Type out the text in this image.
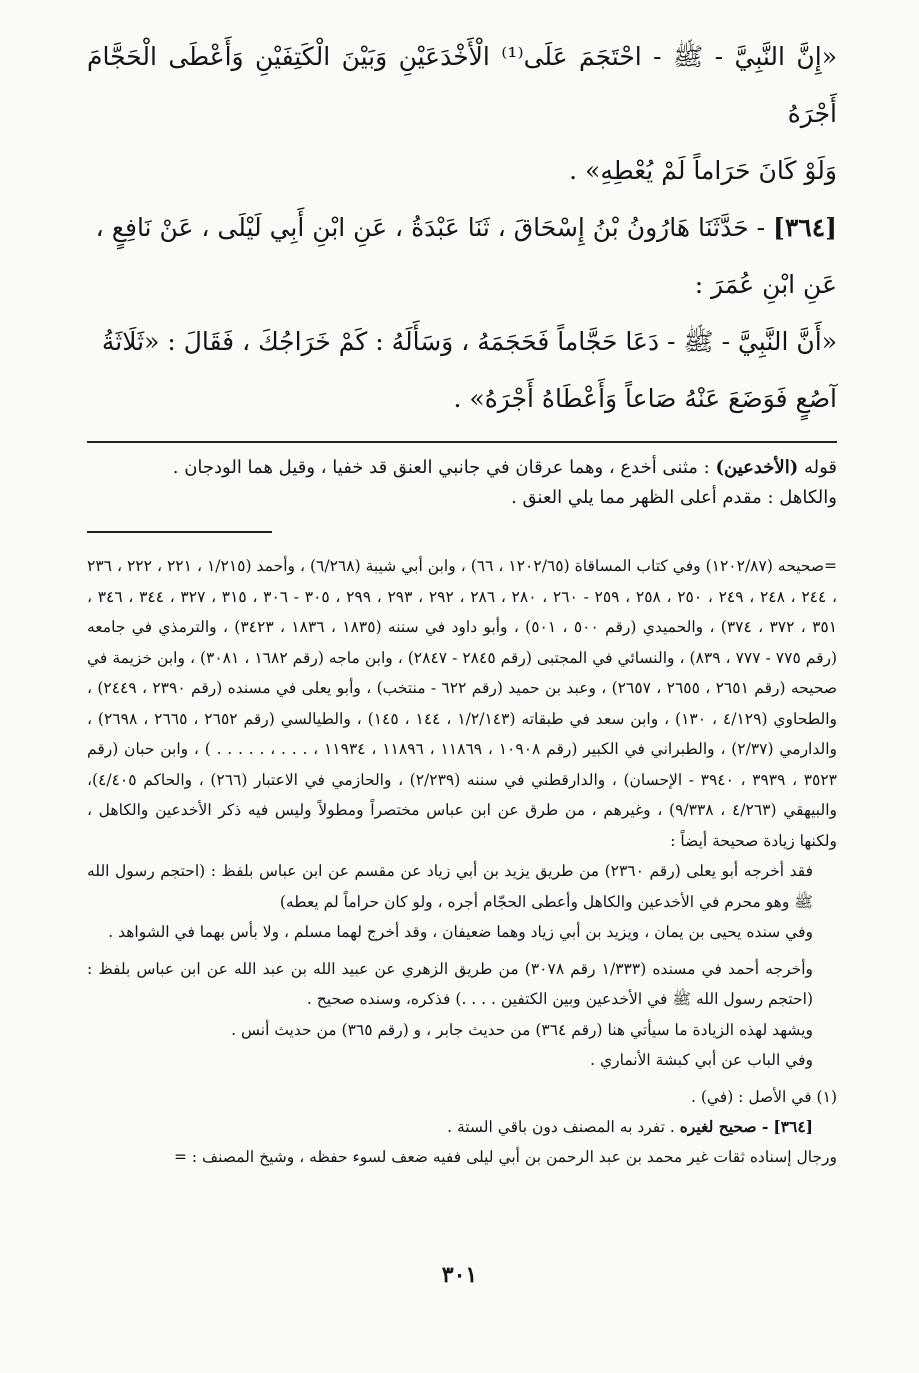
«إِنَّ النَّبِيَّ - ﷺ - احْتَجَمَ عَلَى⁽¹⁾ الْأَخْدَعَيْنِ وَبَيْنَ الْكَتِفَيْنِ وَأَعْطَى الْحَجَّامَ أَجْرَهُ

وَلَوْ كَانَ حَرَاماً لَمْ يُعْطِهِ» .

[٣٦٤] - حَدَّثَنَا هَارُونُ بْنُ إِسْحَاقَ ، ثَنَا عَبْدَةُ ، عَنِ ابْنِ أَبِي لَيْلَى ، عَنْ نَافِعٍ ،

عَنِ ابْنِ عُمَرَ :

«أَنَّ النَّبِيَّ - ﷺ - دَعَا حَجَّاماً فَحَجَمَهُ ، وَسَأَلَهُ : كَمْ خَرَاجُكَ ، فَقَالَ : «ثَلَاثَةُ

آصُعٍ فَوَضَعَ عَنْهُ صَاعاً وَأَعْطَاهُ أَجْرَهُ» .

قوله (الأخدعين) : مثنى أخدع ، وهما عرقان في جانبي العنق قد خفيا ، وقيل هما الودجان .

والكاهل : مقدم أعلى الظهر مما يلي العنق .

=صحيحه (١٢٠٢/٨٧) وفي كتاب المساقاة (١٢٠٢/٦٥ ، ٦٦) ، وابن أبي شيبة (٦/٢٦٨) ، وأحمد (١/٢١٥ ، ٢٢١ ، ٢٢٢ ، ٢٣٦ ، ٢٤٤ ، ٢٤٨ ، ٢٤٩ ، ٢٥٠ ، ٢٥٨ ، ٢٥٩ - ٢٦٠ ، ٢٨٠ ، ٢٨٦ ، ٢٩٢ ، ٢٩٣ ، ٢٩٩ ، ٣٠٥ - ٣٠٦ ، ٣١٥ ، ٣٢٧ ، ٣٤٤ ، ٣٤٦ ، ٣٥١ ، ٣٧٢ ، ٣٧٤) ، والحميدي (رقم ٥٠٠ ، ٥٠١) ، وأبو داود في سننه (١٨٣٥ ، ١٨٣٦ ، ٣٤٢٣) ، والترمذي في جامعه (رقم ٧٧٥ - ٧٧٧ ، ٨٣٩) ، والنسائي في المجتبى (رقم ٢٨٤٥ - ٢٨٤٧) ، وابن ماجه (رقم ١٦٨٢ ، ٣٠٨١) ، وابن خزيمة في صحيحه (رقم ٢٦٥١ ، ٢٦٥٥ ، ٢٦٥٧) ، وعبد بن حميد (رقم ٦٢٢ - منتخب) ، وأبو يعلى في مسنده (رقم ٢٣٩٠ ، ٢٤٤٩) ، والطحاوي (٤/١٢٩ ، ١٣٠) ، وابن سعد في طبقاته (١/٢/١٤٣ ، ١٤٤ ، ١٤٥) ، والطيالسي (رقم ٢٦٥٢ ، ٢٦٦٥ ، ٢٦٩٨) ، والدارمي (٢/٣٧) ، والطبراني في الكبير (رقم ١٠٩٠٨ ، ١١٨٦٩ ، ١١٨٩٦ ، ١١٩٣٤ ، . . . ، . . . . . ) ، وابن حبان (رقم ٣٥٢٣ ، ٣٩٣٩ ، ٣٩٤٠ - الإحسان) ، والدارقطني في سننه (٢/٢٣٩) ، والحازمي في الاعتبار (٢٦٦) ، والحاكم ٤/٤٠٥)، والبيهقي (٤/٢٦٣ ، ٩/٣٣٨) ، وغيرهم ، من طرق عن ابن عباس مختصراً ومطولاً وليس فيه ذكر الأخدعين والكاهل ، ولكنها زيادة صحيحة أيضاً :

فقد أخرجه أبو يعلى (رقم ٢٣٦٠) من طريق يزيد بن أبي زياد عن مقسم عن ابن عباس بلفظ : (احتجم رسول الله ﷺ وهو محرم في الأخدعين والكاهل وأعطى الحجّام أجره ، ولو كان حراماً لم يعطه)

وفي سنده يحيى بن يمان ، ويزيد بن أبي زياد وهما ضعيفان ، وقد أخرج لهما مسلم ، ولا بأس بهما في الشواهد .

وأخرجه أحمد في مسنده (١/٣٣٣ رقم ٣٠٧٨) من طريق الزهري عن عبيد الله بن عبد الله عن ابن عباس بلفظ : (احتجم رسول الله ﷺ في الأخدعين وبين الكتفين . . . .) فذكره، وسنده صحيح .

ويشهد لهذه الزيادة ما سيأتي هنا (رقم ٣٦٤) من حديث جابر ، و (رقم ٣٦٥) من حديث أنس .

وفي الباب عن أبي كبشة الأنماري .

(١) في الأصل : (في) .

[٣٦٤] - صحيح لغيره . تفرد به المصنف دون باقي الستة .

ورجال إسناده ثقات غير محمد بن عبد الرحمن بن أبي ليلى ففيه ضعف لسوء حفظه ، وشيخ المصنف : =

٣٠١
